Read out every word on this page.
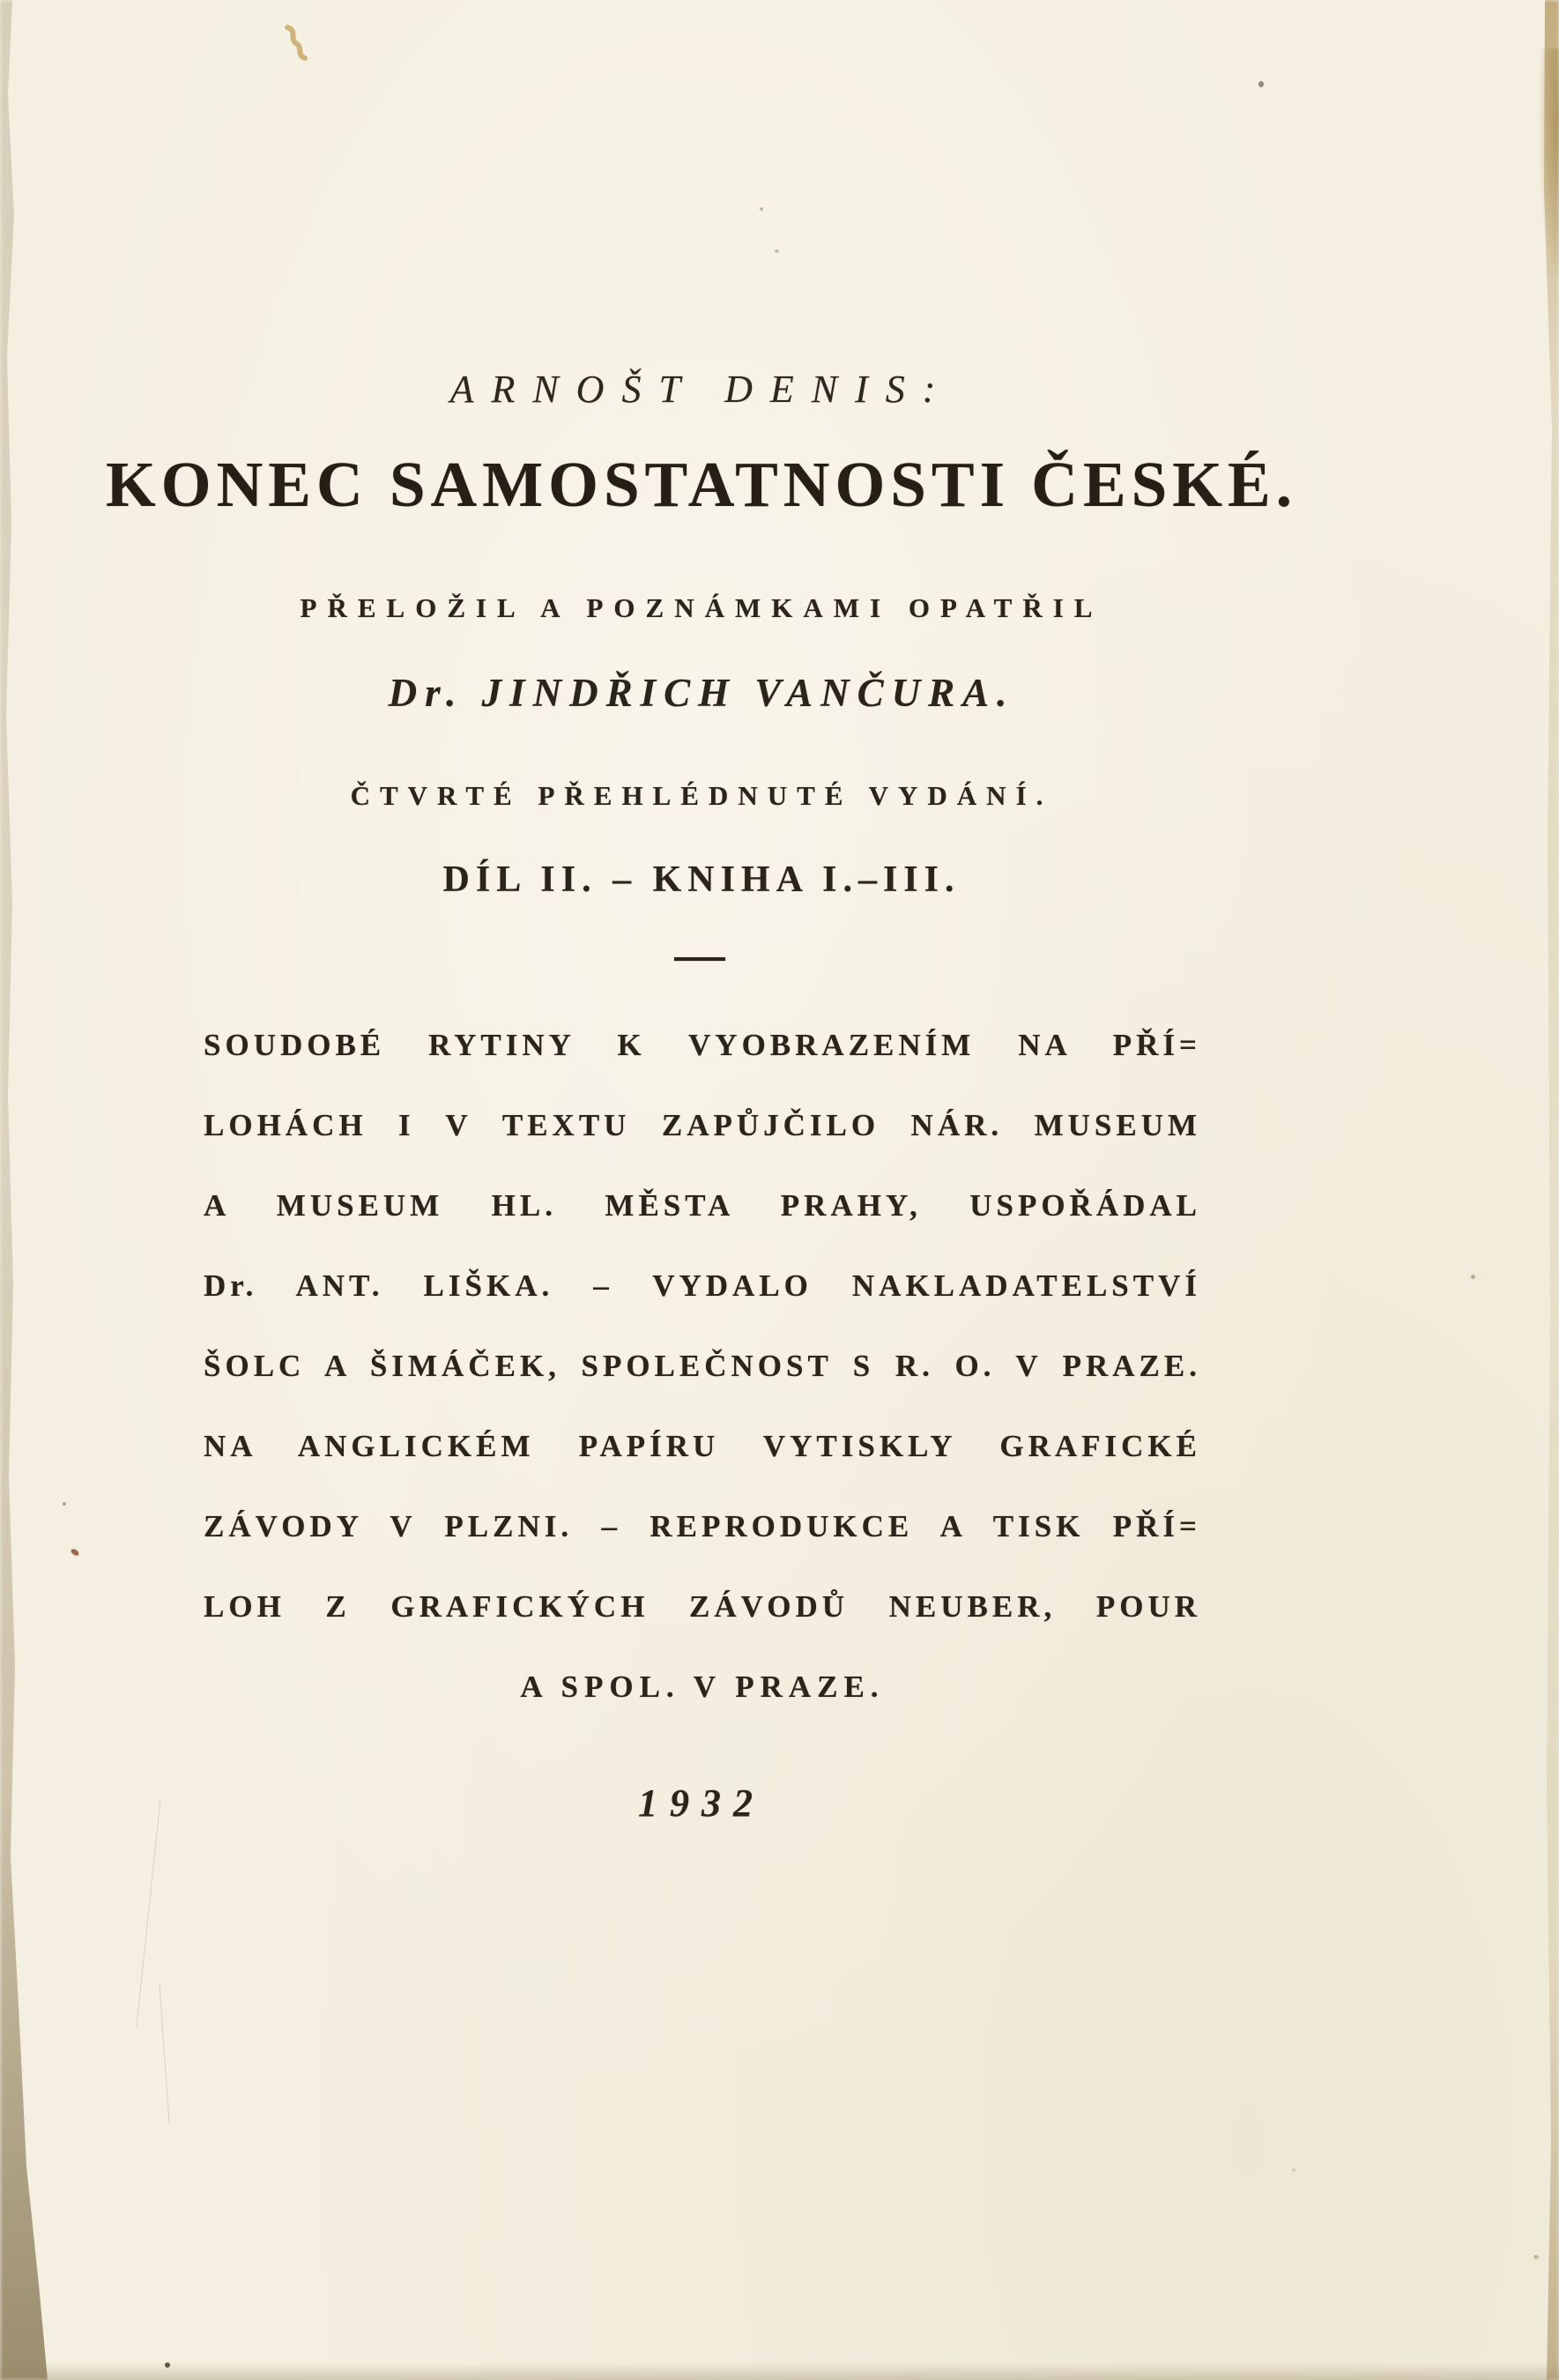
ARNOŠT DENIS:
KONEC SAMOSTATNOSTI ČESKÉ.
PŘELOŽIL A POZNÁMKAMI OPATŘIL
Dr. JINDŘICH VANČURA.
ČTVRTÉ PŘEHLÉDNUTÉ VYDÁNÍ.
DÍL II. – KNIHA I.–III.
SOUDOBÉ RYTINY K VYOBRAZENÍM NA PŘÍ=
LOHÁCH I V TEXTU ZAPŮJČILO NÁR. MUSEUM
A MUSEUM HL. MĚSTA PRAHY, USPOŘÁDAL
Dr. ANT. LIŠKA. – VYDALO NAKLADATELSTVÍ
ŠOLC A ŠIMÁČEK, SPOLEČNOST S R. O. V PRAZE.
NA ANGLICKÉM PAPÍRU VYTISKLY GRAFICKÉ
ZÁVODY V PLZNI. – REPRODUKCE A TISK PŘÍ=
LOH Z GRAFICKÝCH ZÁVODŮ NEUBER, POUR
A SPOL. V PRAZE.
1932
